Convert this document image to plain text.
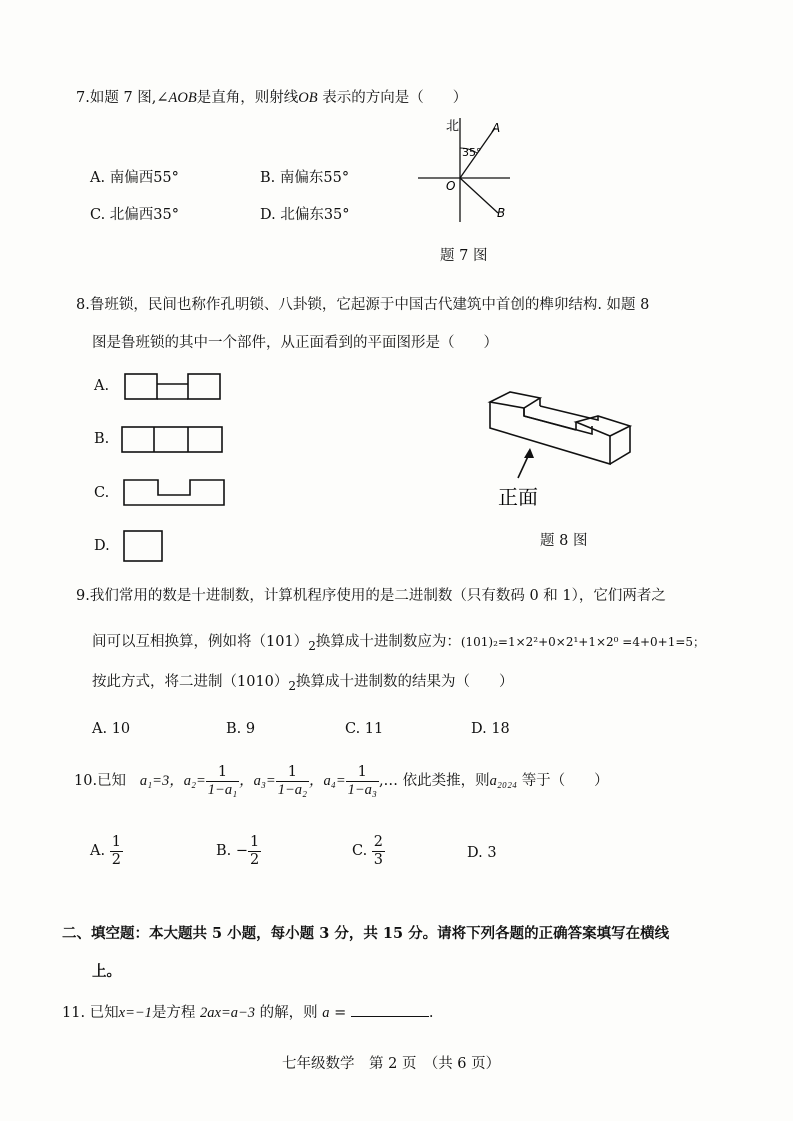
7.如题 7 图,∠AOB是直角，则射线OB 表示的方向是（　　）
A. 南偏西55°	B. 南偏东55°
C. 北偏西35°	D. 北偏东35°
北	A
B
O
35°
题 7 图
8.鲁班锁，民间也称作孔明锁、八卦锁，它起源于中国古代建筑中首创的榫卯结构. 如题 8
图是鲁班锁的其中一个部件，从正面看到的平面图形是（　　）
A.
B.
C.
D.
正面
题 8 图
9.我们常用的数是十进制数，计算机程序使用的是二进制数（只有数码 0 和 1），它们两者之
间可以互相换算，例如将$(101)_2$换算成十进制数应为：(101)₂=1×2²+0×2¹+1×2⁰ =4+0+1=5；
按此方式，将二进制$(1010)_2$换算成十进制数的结果为（　　）
A. 10	B. 9	C. 11	D. 18
10.已知 a₁=3，$a_2= \frac{1}{\text{1−a₁}}$ ，$a_3= \frac{1}{\text{1−a₂}}$ ，$a_4= \frac{1}{\text{1−a₃}}$ ,… 依此类推，则a₂₀₂₄ 等于（　　）
A. $\frac{1}{2}$	B. − $\frac{1}{2}$	C. $\frac{2}{3}$	D. 3
二、填空题：本大题共 5 小题，每小题 3 分，共 15 分。请将下列各题的正确答案填写在横线
上。
11. 已知x=−1是方程 2ax=a−3 的解，则 a =	.
七年级数学　第 2 页　（共 6 页）
